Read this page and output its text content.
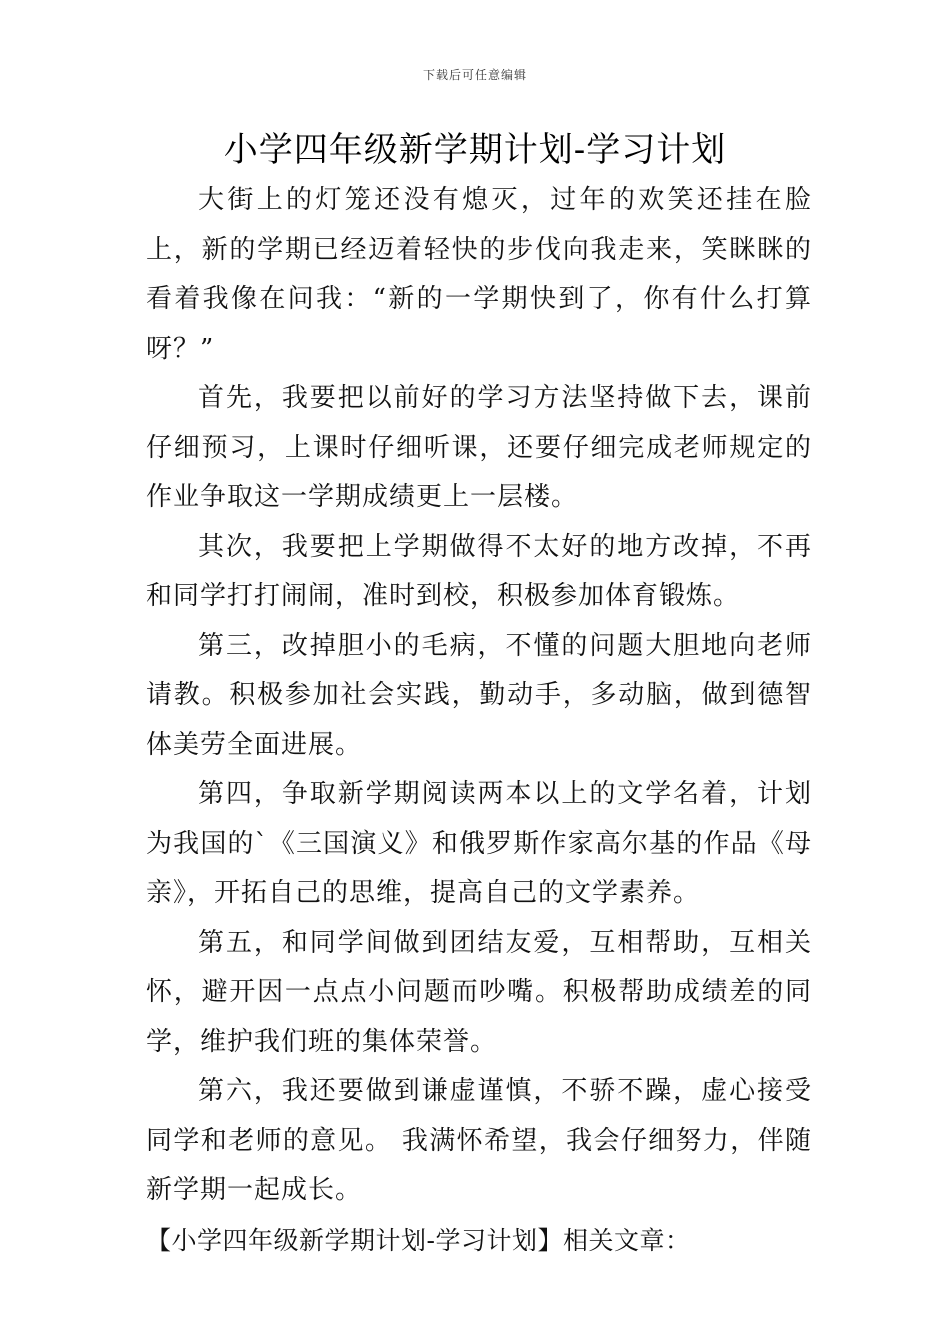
下载后可任意编辑
小学四年级新学期计划-学习计划

大街上的灯笼还没有熄灭，过年的欢笑还挂在脸上，新的学期已经迈着轻快的步伐向我走来，笑眯眯的看着我像在问我：“新的一学期快到了，你有什么打算呀？”

首先，我要把以前好的学习方法坚持做下去，课前仔细预习，上课时仔细听课，还要仔细完成老师规定的作业争取这一学期成绩更上一层楼。

其次，我要把上学期做得不太好的地方改掉，不再和同学打打闹闹，准时到校，积极参加体育锻炼。

第三，改掉胆小的毛病，不懂的问题大胆地向老师请教。积极参加社会实践，勤动手，多动脑，做到德智体美劳全面进展。

第四，争取新学期阅读两本以上的文学名着，计划为我国的`《三国演义》和俄罗斯作家高尔基的作品《母亲》，开拓自己的思维，提高自己的文学素养。

第五，和同学间做到团结友爱，互相帮助，互相关怀，避开因一点点小问题而吵嘴。积极帮助成绩差的同学，维护我们班的集体荣誉。

第六，我还要做到谦虚谨慎，不骄不躁，虚心接受同学和老师的意见。 我满怀希望，我会仔细努力，伴随新学期一起成长。

【小学四年级新学期计划-学习计划】相关文章：
